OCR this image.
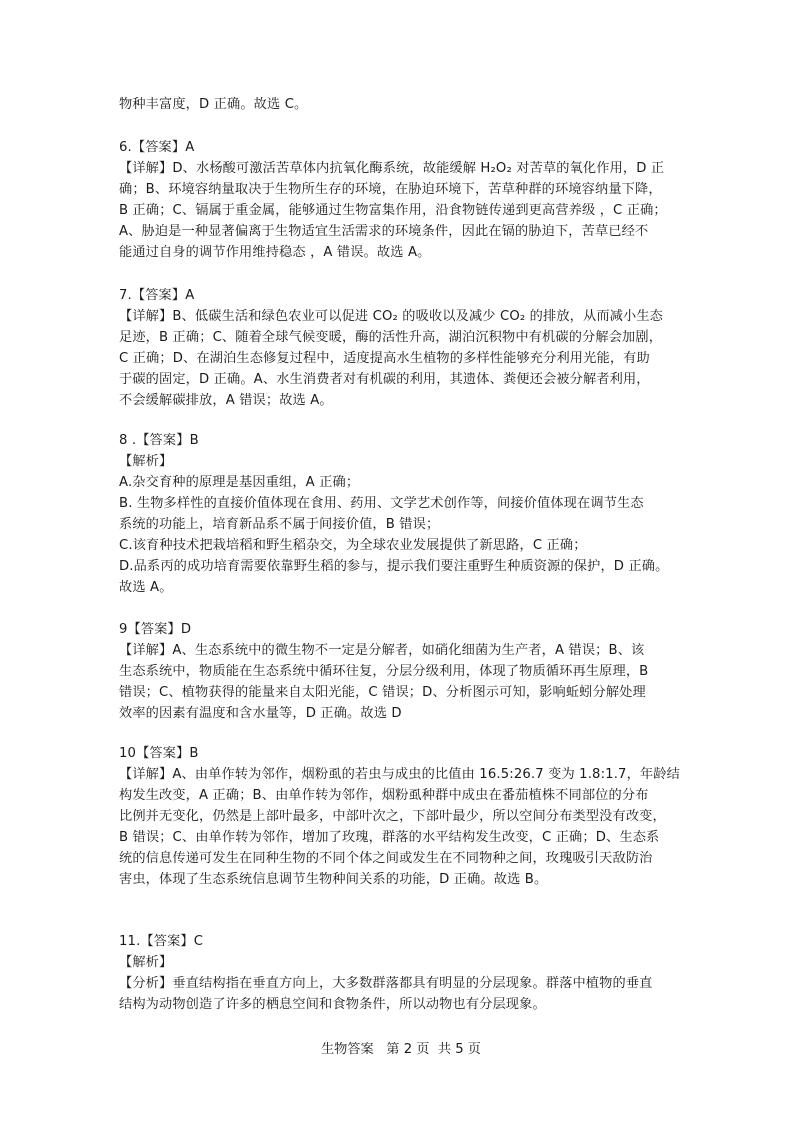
物种丰富度，D 正确。故选 C。
6.【答案】A
【详解】D、水杨酸可激活苦草体内抗氧化酶系统，故能缓解 H₂O₂ 对苦草的氧化作用，D 正
确；B、环境容纳量取决于生物所生存的环境，在胁迫环境下，苦草种群的环境容纳量下降，
B 正确；C、镉属于重金属，能够通过生物富集作用，沿食物链传递到更高营养级 ，C 正确；
A、胁迫是一种显著偏离于生物适宜生活需求的环境条件，因此在镉的胁迫下，苦草已经不
能通过自身的调节作用维持稳态 ，A 错误。故选 A。
7.【答案】A
【详解】B、低碳生活和绿色农业可以促进 CO₂ 的吸收以及减少 CO₂ 的排放，从而减小生态
足迹，B 正确；C、随着全球气候变暖，酶的活性升高，湖泊沉积物中有机碳的分解会加剧，
C 正确；D、在湖泊生态修复过程中，适度提高水生植物的多样性能够充分利用光能，有助
于碳的固定，D 正确。A、水生消费者对有机碳的利用，其遗体、粪便还会被分解者利用，
不会缓解碳排放，A 错误；故选 A。
8 .【答案】B
【解析】
A.杂交育种的原理是基因重组，A 正确；
B. 生物多样性的直接价值体现在食用、药用、文学艺术创作等，间接价值体现在调节生态
系统的功能上，培育新品系不属于间接价值，B 错误；
C.该育种技术把栽培稻和野生稻杂交，为全球农业发展提供了新思路，C 正确；
D.品系丙的成功培育需要依靠野生稻的参与，提示我们要注重野生种质资源的保护，D 正确。
故选 A。
9【答案】D
【详解】A、生态系统中的微生物不一定是分解者，如硝化细菌为生产者，A 错误；B、该
生态系统中，物质能在生态系统中循环往复，分层分级利用，体现了物质循环再生原理，B
错误；C、植物获得的能量来自太阳光能，C 错误；D、分析图示可知，影响蚯蚓分解处理
效率的因素有温度和含水量等，D 正确。故选 D
10【答案】B
【详解】A、由单作转为邻作，烟粉虱的若虫与成虫的比值由 16.5:26.7 变为 1.8:1.7，年龄结
构发生改变，A 正确；B、由单作转为邻作，烟粉虱种群中成虫在番茄植株不同部位的分布
比例并无变化，仍然是上部叶最多，中部叶次之，下部叶最少，所以空间分布类型没有改变，
B 错误；C、由单作转为邻作，增加了玫瑰，群落的水平结构发生改变，C 正确；D、生态系
统的信息传递可发生在同种生物的不同个体之间或发生在不同物种之间，玫瑰吸引天敌防治
害虫，体现了生态系统信息调节生物种间关系的功能，D 正确。故选 B。
11.【答案】C
【解析】
【分析】垂直结构指在垂直方向上，大多数群落都具有明显的分层现象。群落中植物的垂直
结构为动物创造了许多的栖息空间和食物条件，所以动物也有分层现象。
生物答案   第 2 页  共 5 页
